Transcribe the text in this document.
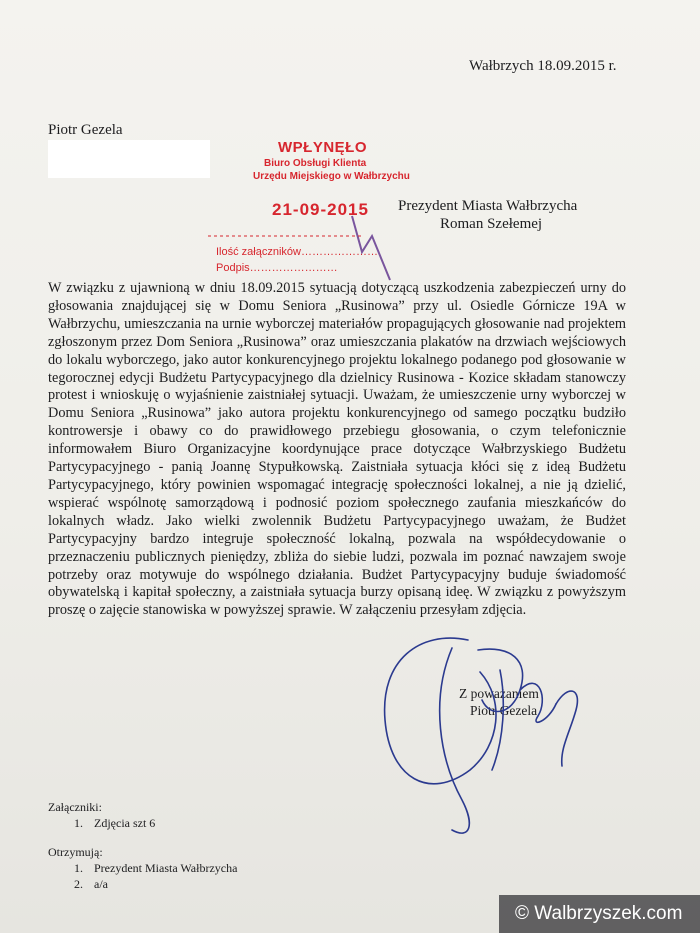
Wałbrzych 18.09.2015 r.
Piotr Gezela
WPŁYNĘŁO
Biuro Obsługi Klienta
Urzędu Miejskiego w Wałbrzychu
21-09-2015
Ilość załączników…………………
Podpis……………………
Prezydent Miasta Wałbrzycha
Roman Szełemej
W związku z ujawnioną w dniu 18.09.2015 sytuacją dotyczącą uszkodzenia zabezpieczeń urny do głosowania znajdującej się w Domu Seniora „Rusinowa” przy ul. Osiedle Górnicze 19A w Wałbrzychu, umieszczania na urnie wyborczej materiałów propagujących głosowanie nad projektem zgłoszonym przez Dom Seniora „Rusinowa” oraz umieszczania plakatów na drzwiach wejściowych do lokalu wyborczego, jako autor konkurencyjnego projektu lokalnego podanego pod głosowanie w tegorocznej edycji Budżetu Partycypacyjnego dla dzielnicy Rusinowa - Kozice składam stanowczy protest i wnioskuję o wyjaśnienie zaistniałej sytuacji. Uważam, że umieszczenie urny wyborczej w Domu Seniora „Rusinowa” jako autora projektu konkurencyjnego od samego początku budziło kontrowersje i obawy co do prawidłowego przebiegu głosowania, o czym telefonicznie informowałem Biuro Organizacyjne koordynujące prace dotyczące Wałbrzyskiego Budżetu Partycypacyjnego - panią Joannę Stypułkowską. Zaistniała sytuacja kłóci się z ideą Budżetu Partycypacyjnego, który powinien wspomagać integrację społeczności lokalnej, a nie ją dzielić, wspierać wspólnotę samorządową i podnosić poziom społecznego zaufania mieszkańców do lokalnych władz. Jako wielki zwolennik Budżetu Partycypacyjnego uważam, że Budżet Partycypacyjny bardzo integruje społeczność lokalną, pozwala na współdecydowanie o przeznaczeniu publicznych pieniędzy, zbliża do siebie ludzi, pozwala im poznać nawzajem swoje potrzeby oraz motywuje do wspólnego działania. Budżet Partycypacyjny buduje świadomość obywatelską i kapitał społeczny, a zaistniała sytuacja burzy opisaną ideę. W związku z powyższym proszę o zajęcie stanowiska w powyższej sprawie. W załączeniu przesyłam zdjęcia.
Z poważaniem
Piotr Gezela
Załączniki:
1. Zdjęcia szt 6
Otrzymują:
1. Prezydent Miasta Wałbrzycha
2. a/a
© Walbrzyszek.com
